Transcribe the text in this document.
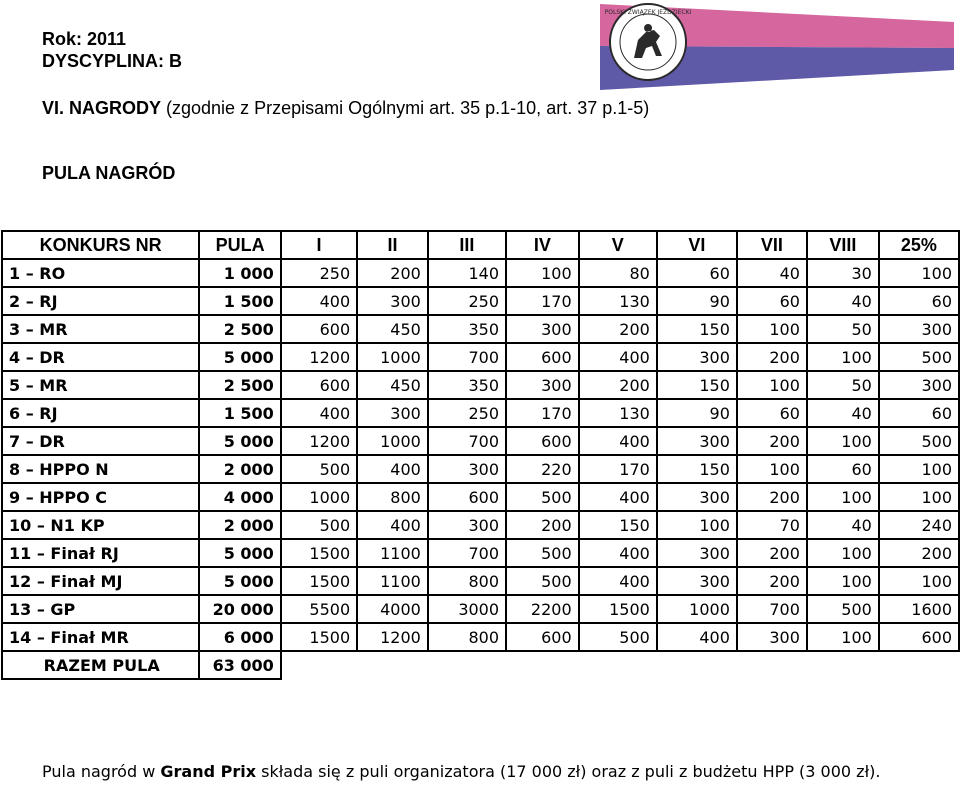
Rok: 2011
DYSCYPLINA: B
VI. NAGRODY (zgodnie z Przepisami Ogólnymi art. 35 p.1-10, art. 37 p.1-5)
PULA NAGRÓD
POLSKI ZWIĄZEK JEŹDZIECKI
KONKURS NR	PULA	I	II	III	IV	V	VI	VII	VIII	25%
1 – RO	1 000	250	200	140	100	80	60	40	30	100
2 – RJ	1 500	400	300	250	170	130	90	60	40	60
3 – MR	2 500	600	450	350	300	200	150	100	50	300
4 – DR	5 000	1200	1000	700	600	400	300	200	100	500
5 – MR	2 500	600	450	350	300	200	150	100	50	300
6 – RJ	1 500	400	300	250	170	130	90	60	40	60
7 – DR	5 000	1200	1000	700	600	400	300	200	100	500
8 – HPPO N	2 000	500	400	300	220	170	150	100	60	100
9 – HPPO C	4 000	1000	800	600	500	400	300	200	100	100
10 – N1 KP	2 000	500	400	300	200	150	100	70	40	240
11 – Finał RJ	5 000	1500	1100	700	500	400	300	200	100	200
12 – Finał MJ	5 000	1500	1100	800	500	400	300	200	100	100
13 – GP	20 000	5500	4000	3000	2200	1500	1000	700	500	1600
14 – Finał MR	6 000	1500	1200	800	600	500	400	300	100	600
RAZEM PULA	63 000									
Pula nagród w Grand Prix składa się z puli organizatora (17 000 zł) oraz z puli z budżetu HPP (3 000 zł).
